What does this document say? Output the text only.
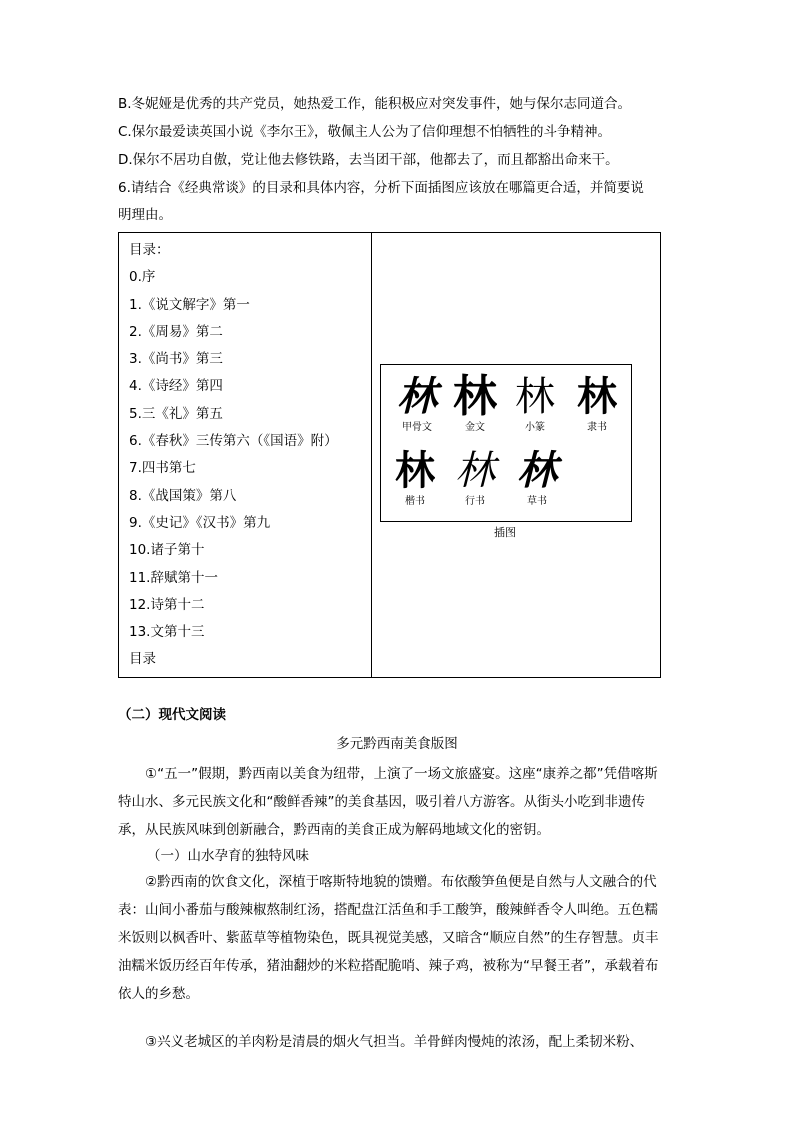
B.冬妮娅是优秀的共产党员，她热爱工作，能积极应对突发事件，她与保尔志同道合。
C.保尔最爱读英国小说《李尔王》，敬佩主人公为了信仰理想不怕牺牲的斗争精神。
D.保尔不居功自傲，党让他去修铁路，去当团干部，他都去了，而且都豁出命来干。
6.请结合《经典常谈》的目录和具体内容，分析下面插图应该放在哪篇更合适，并简要说
明理由。
目录：
0.序
1.《说文解字》第一
2.《周易》第二
3.《尚书》第三
4.《诗经》第四
5.三《礼》第五
6.《春秋》三传第六（《国语》附）
7.四书第七
8.《战国策》第八
9.《史记》《汉书》第九
10.诸子第十
11.辞赋第十一
12.诗第十二
13.文第十三
目录
林
甲骨文
林
金文
林
小篆
林
隶书
林
楷书
林
行书
林
草书
插图
（二）现代文阅读
多元黔西南美食版图
①“五一”假期，黔西南以美食为纽带，上演了一场文旅盛宴。这座“康养之都”凭借喀斯特山水、多元民族文化和“酸鲜香辣”的美食基因，吸引着八方游客。从街头小吃到非遗传承，从民族风味到创新融合，黔西南的美食正成为解码地域文化的密钥。
（一）山水孕育的独特风味
②黔西南的饮食文化，深植于喀斯特地貌的馈赠。布依酸笋鱼便是自然与人文融合的代表：山间小番茄与酸辣椒熬制红汤，搭配盘江活鱼和手工酸笋，酸辣鲜香令人叫绝。五色糯米饭则以枫香叶、紫蓝草等植物染色，既具视觉美感，又暗含“顺应自然”的生存智慧。贞丰油糯米饭历经百年传承，猪油翻炒的米粒搭配脆哨、辣子鸡，被称为“早餐王者”，承载着布依人的乡愁。
③兴义老城区的羊肉粉是清晨的烟火气担当。羊骨鲜肉慢炖的浓汤，配上柔韧米粉、
